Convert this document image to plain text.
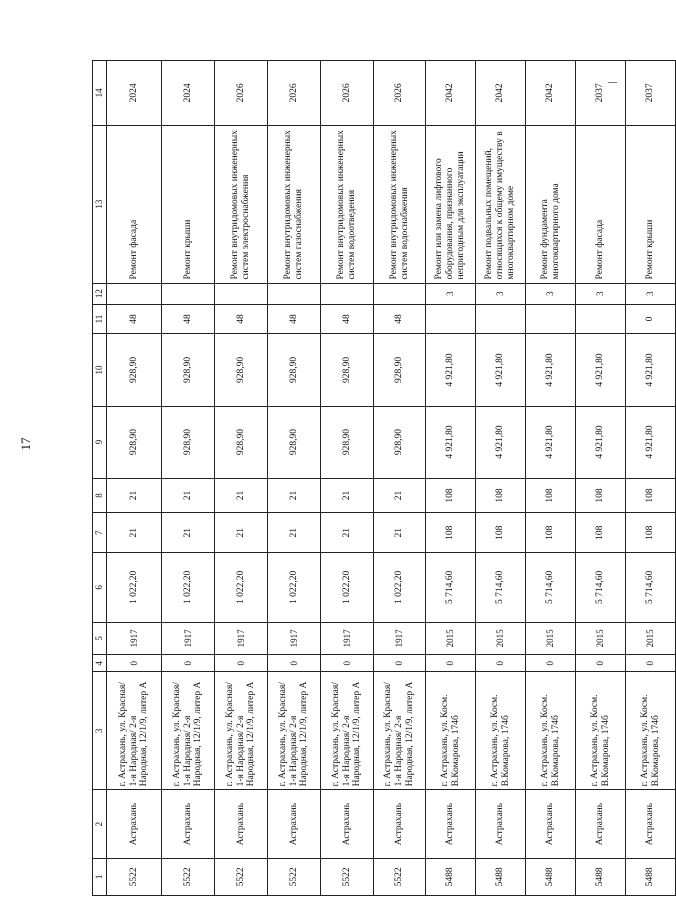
17
1	2	3	4	5	6	7	8	9	10	11	12	13	14
5522	Астрахань	г. Астрахань, ул. Красная/ 1-я Народная/ 2-я Народная, 12/1/9, литер А	0	1917	1 022,20	21	21	928,90	928,90	48		Ремонт фасада	2024
5522	Астрахань	г. Астрахань, ул. Красная/ 1-я Народная/ 2-я Народная, 12/1/9, литер А	0	1917	1 022,20	21	21	928,90	928,90	48		Ремонт крыши	2024
5522	Астрахань	г. Астрахань, ул. Красная/ 1-я Народная/ 2-я Народная, 12/1/9, литер А	0	1917	1 022,20	21	21	928,90	928,90	48		Ремонт внутридомовых инженерных систем электроснабжения	2026
5522	Астрахань	г. Астрахань, ул. Красная/ 1-я Народная/ 2-я Народная, 12/1/9, литер А	0	1917	1 022,20	21	21	928,90	928,90	48		Ремонт внутридомовых инженерных систем газоснабжения	2026
5522	Астрахань	г. Астрахань, ул. Красная/ 1-я Народная/ 2-я Народная, 12/1/9, литер А	0	1917	1 022,20	21	21	928,90	928,90	48		Ремонт внутридомовых инженерных систем водоотведения	2026
5522	Астрахань	г. Астрахань, ул. Красная/ 1-я Народная/ 2-я Народная, 12/1/9, литер А	0	1917	1 022,20	21	21	928,90	928,90	48		Ремонт внутридомовых инженерных систем водоснабжения	2026
5488	Астрахань	г. Астрахань, ул. Косм. В.Комарова, 174б	0	2015	5 714,60	108	108	4 921,80	4 921,80		3	Ремонт или замена лифтового оборудования, признанного непригодным для эксплуатации	2042
5488	Астрахань	г. Астрахань, ул. Косм. В.Комарова, 174б	0	2015	5 714,60	108	108	4 921,80	4 921,80		3	Ремонт подвальных помещений, относящихся к общему имуществу в многоквартирном доме	2042
5488	Астрахань	г. Астрахань, ул. Косм. В.Комарова, 174б	0	2015	5 714,60	108	108	4 921,80	4 921,80		3	Ремонт фундамента многоквартирного дома	2042
5488	Астрахань	г. Астрахань, ул. Косм. В.Комарова, 174б	0	2015	5 714,60	108	108	4 921,80	4 921,80		3	Ремонт фасада	2037
5488	Астрахань	г. Астрахань, ул. Косм. В.Комарова, 174б	0	2015	5 714,60	108	108	4 921,80	4 921,80	0	3	Ремонт крыши	2037
